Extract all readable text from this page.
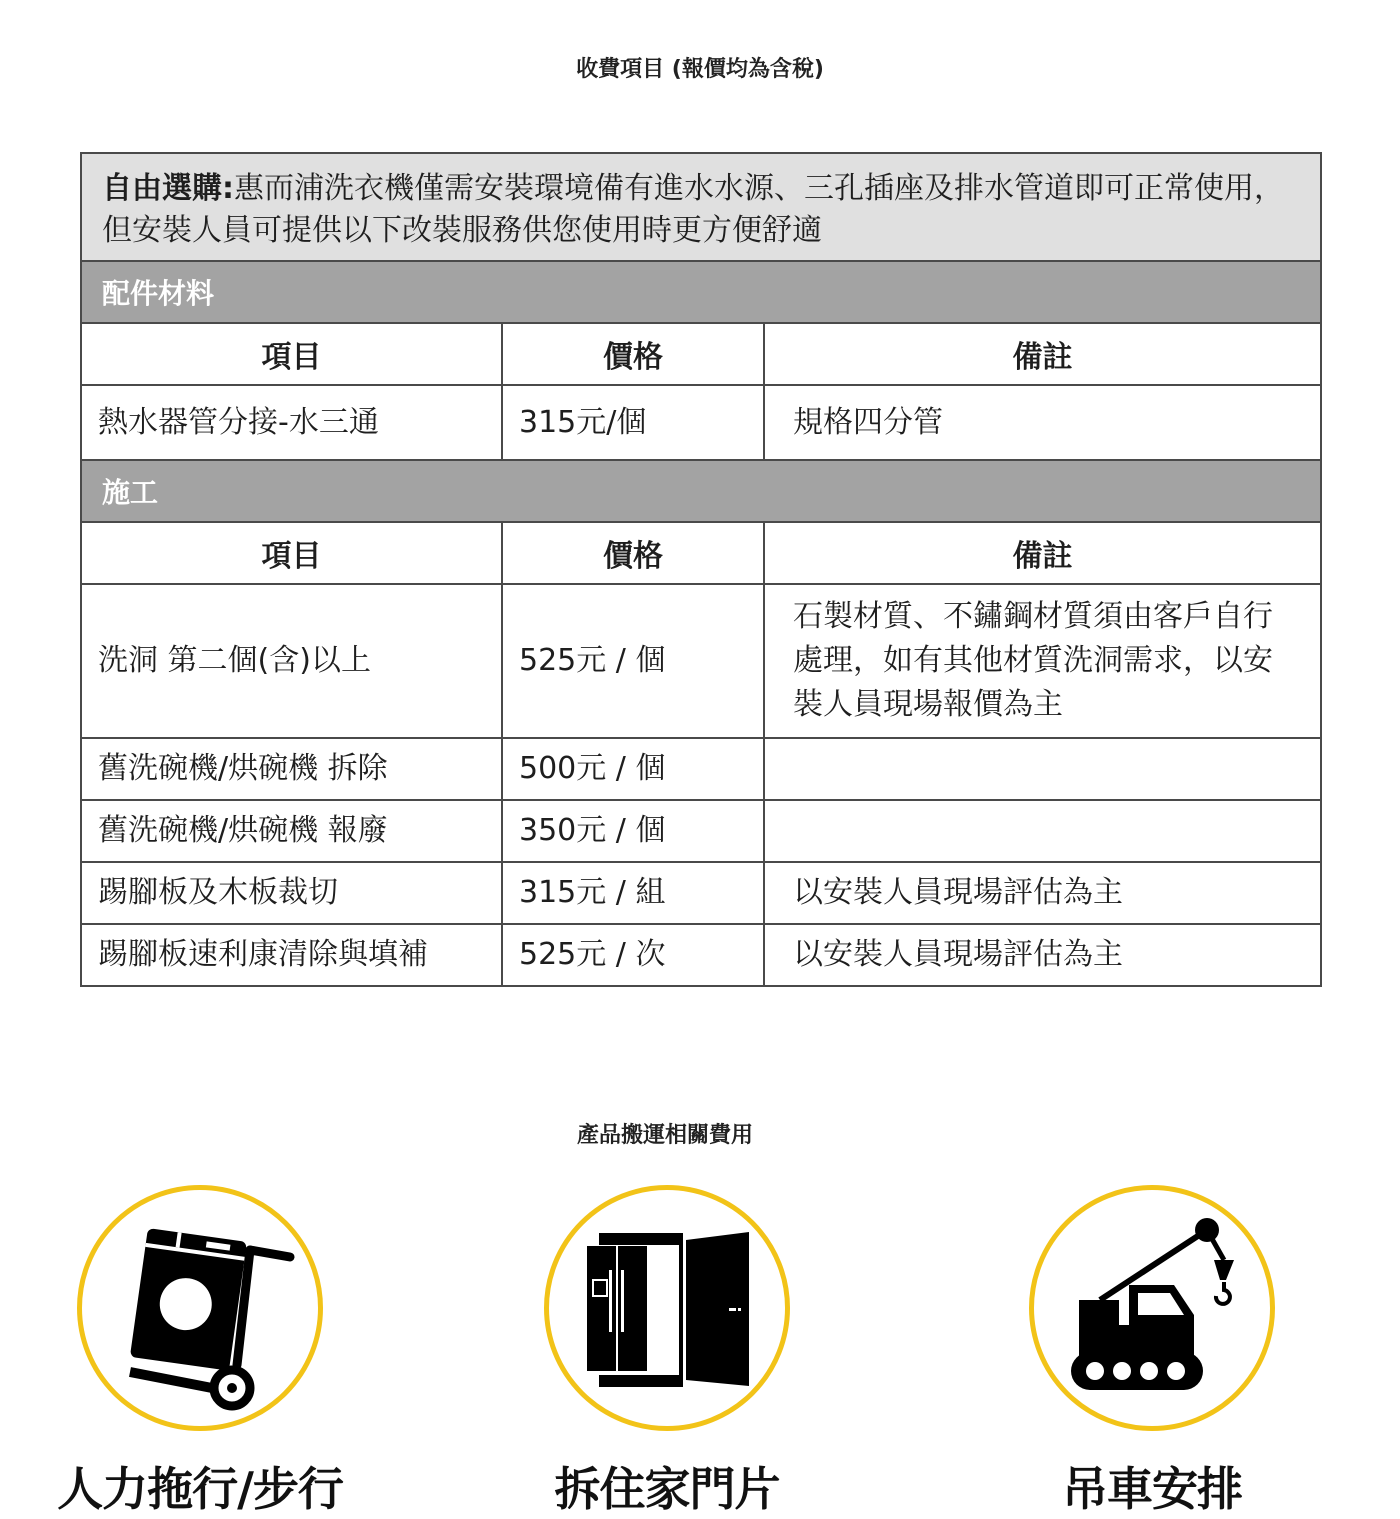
收費項目 (報價均為含稅)
自由選購:惠而浦洗衣機僅需安裝環境備有進水水源、三孔插座及排水管道即可正常使用，但安裝人員可提供以下改裝服務供您使用時更方便舒適		
配件材料		
項目	價格	備註
熱水器管分接-水三通	315元/個	規格四分管
施工		
項目	價格	備註
洗洞 第二個(含)以上	525元 / 個	石製材質、不鏽鋼材質須由客戶自行處理，如有其他材質洗洞需求，以安裝人員現場報價為主
舊洗碗機/烘碗機 拆除	500元 / 個	
舊洗碗機/烘碗機 報廢	350元 / 個	
踢腳板及木板裁切	315元 / 組	以安裝人員現場評估為主
踢腳板速利康清除與填補	525元 / 次	以安裝人員現場評估為主
產品搬運相關費用
人力拖行/步行	拆住家門片	吊車安排
